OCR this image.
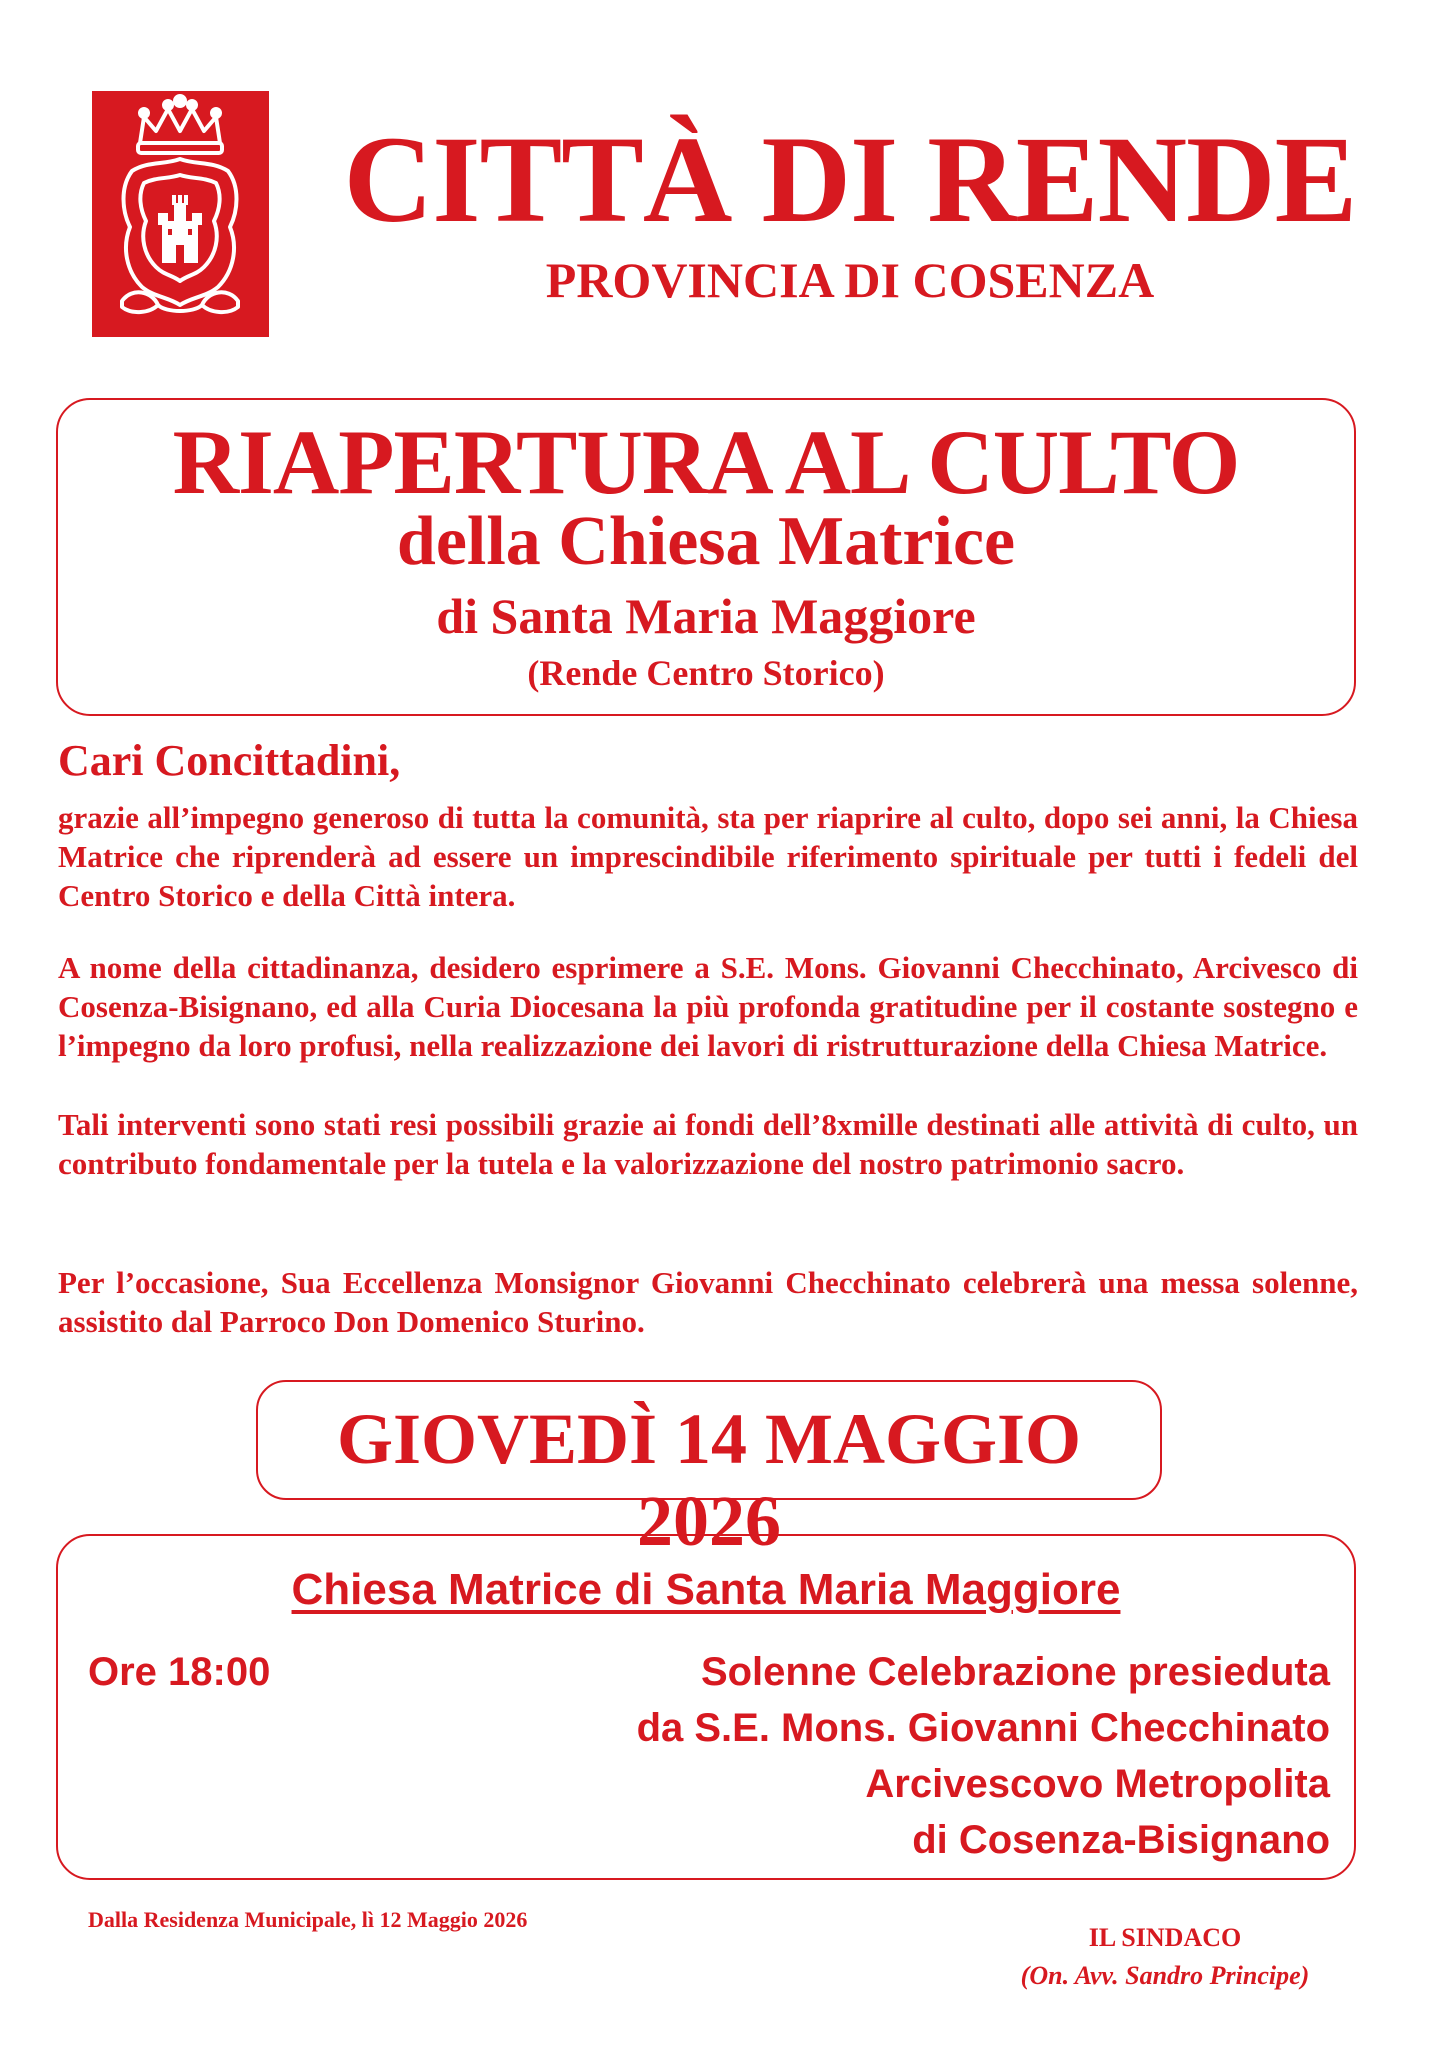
CITTÀ DI RENDE
PROVINCIA DI COSENZA
RIAPERTURA AL CULTO
della Chiesa Matrice
di Santa Maria Maggiore
(Rende Centro Storico)
Cari Concittadini,
grazie all’impegno generoso di tutta la comunità, sta per riaprire al culto, dopo sei anni, la Chiesa Matrice che riprenderà ad essere un imprescindibile riferimento spirituale per tutti i fedeli del Centro Storico e della Città intera.
A nome della cittadinanza, desidero esprimere a S.E. Mons. Giovanni Checchinato, Arcivesco di Cosenza-Bisignano, ed alla Curia Diocesana la più profonda gratitudine per il costante sostegno e l’impegno da loro profusi, nella realizzazione dei lavori di ristrutturazione della Chiesa Matrice.
Tali interventi sono stati resi possibili grazie ai fondi dell’8xmille destinati alle attività di culto, un contributo fondamentale per la tutela e la valorizzazione del nostro patrimonio sacro.
Per l’occasione, Sua Eccellenza Monsignor Giovanni Checchinato celebrerà una messa solenne, assistito dal Parroco Don Domenico Sturino.
GIOVEDÌ 14 MAGGIO 2026
Chiesa Matrice di Santa Maria Maggiore
Ore 18:00	Solenne Celebrazione presieduta
da S.E. Mons. Giovanni Checchinato
Arcivescovo Metropolita
di Cosenza-Bisignano
Dalla Residenza Municipale, lì 12 Maggio 2026
IL SINDACO
(On. Avv. Sandro Principe)
